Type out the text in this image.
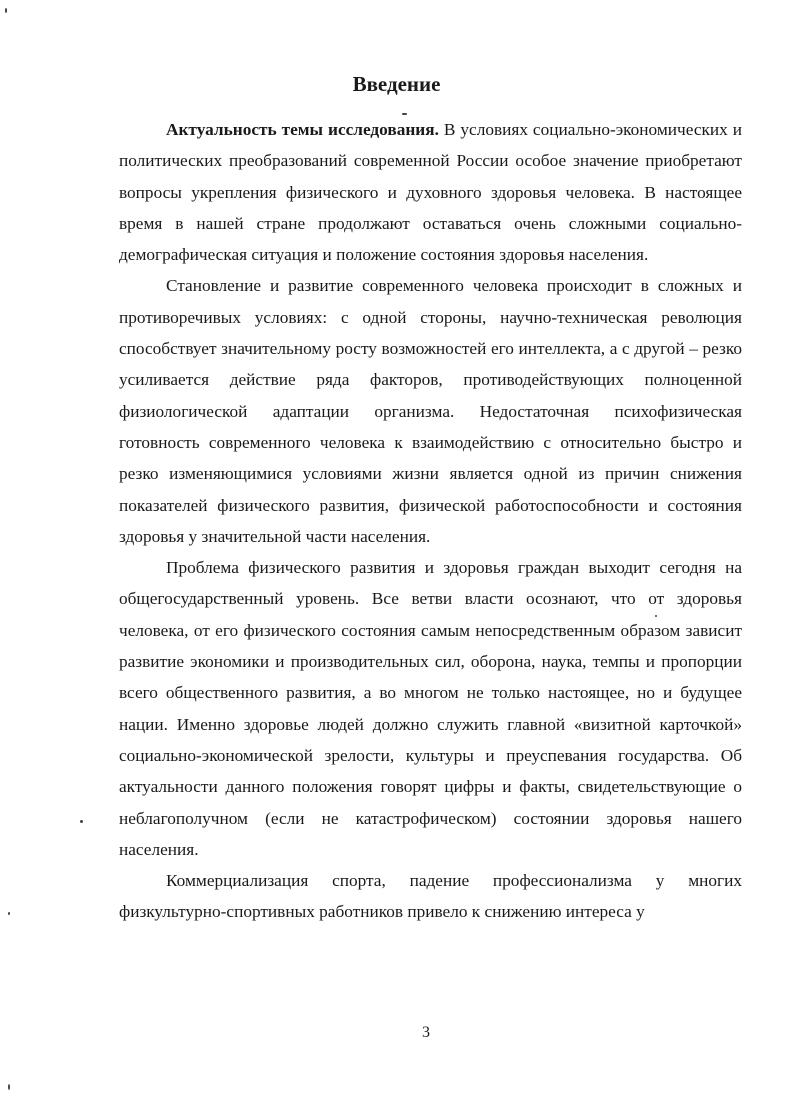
Введение

Актуальность темы исследования. В условиях социально-экономических и политических преобразований современной России особое значение приобретают вопросы укрепления физического и духовного здоровья человека. В настоящее время в нашей стране продолжают оставаться очень сложными социально-демографическая ситуация и положение состояния здоровья населения.

Становление и развитие современного человека происходит в сложных и противоречивых условиях: с одной стороны, научно-техническая революция способствует значительному росту возможностей его интеллекта, а с другой – резко усиливается действие ряда факторов, противодействующих полноценной физиологической адаптации организма. Недостаточная психофизическая готовность современного человека к взаимодействию с относительно быстро и резко изменяющимися условиями жизни является одной из причин снижения показателей физического развития, физической работоспособности и состояния здоровья у значительной части населения.

Проблема физического развития и здоровья граждан выходит сегодня на общегосударственный уровень. Все ветви власти осознают, что от здоровья человека, от его физического состояния самым непосредственным образом зависит развитие экономики и производительных сил, оборона, наука, темпы и пропорции всего общественного развития, а во многом не только настоящее, но и будущее нации. Именно здоровье людей должно служить главной «визитной карточкой» социально-экономической зрелости, культуры и преуспевания государства. Об актуальности данного положения говорят цифры и факты, свидетельствующие о неблагополучном (если не катастрофическом) состоянии здоровья нашего населения.

Коммерциализация спорта, падение профессионализма у многих физкультурно-спортивных работников привело к снижению интереса у

3
